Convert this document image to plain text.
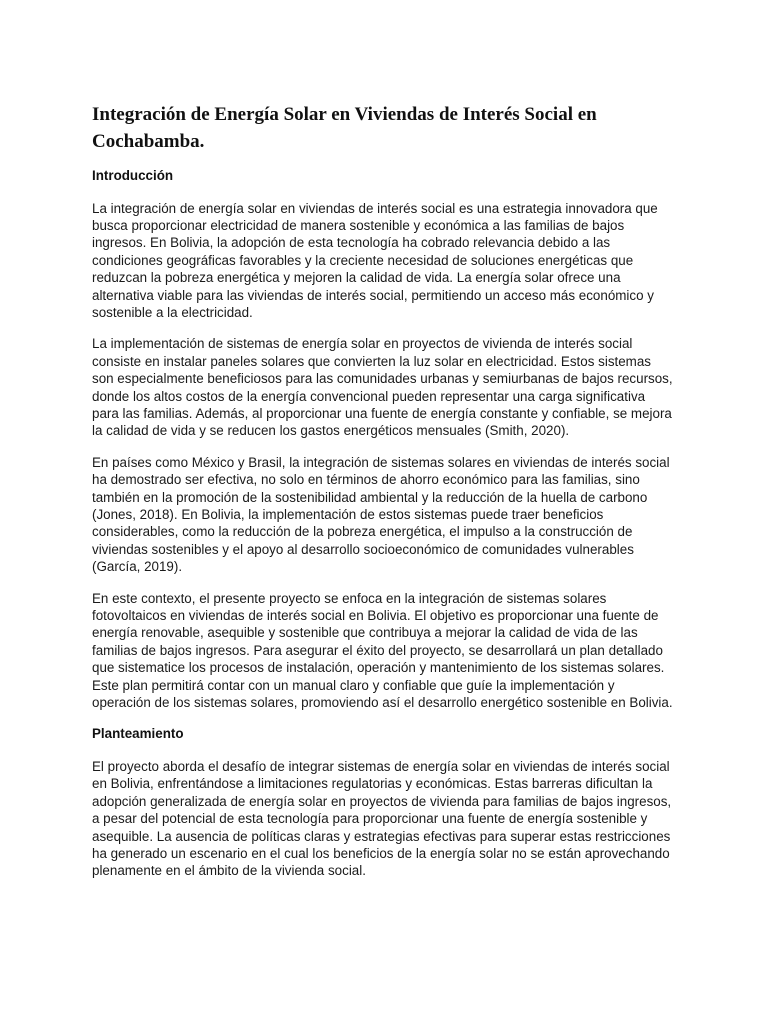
Integración de Energía Solar en Viviendas de Interés Social en Cochabamba.
Introducción

La integración de energía solar en viviendas de interés social es una estrategia innovadora que busca proporcionar electricidad de manera sostenible y económica a las familias de bajos ingresos. En Bolivia, la adopción de esta tecnología ha cobrado relevancia debido a las condiciones geográficas favorables y la creciente necesidad de soluciones energéticas que reduzcan la pobreza energética y mejoren la calidad de vida. La energía solar ofrece una alternativa viable para las viviendas de interés social, permitiendo un acceso más económico y sostenible a la electricidad.

La implementación de sistemas de energía solar en proyectos de vivienda de interés social consiste en instalar paneles solares que convierten la luz solar en electricidad. Estos sistemas son especialmente beneficiosos para las comunidades urbanas y semiurbanas de bajos recursos, donde los altos costos de la energía convencional pueden representar una carga significativa para las familias. Además, al proporcionar una fuente de energía constante y confiable, se mejora la calidad de vida y se reducen los gastos energéticos mensuales (Smith, 2020).

En países como México y Brasil, la integración de sistemas solares en viviendas de interés social ha demostrado ser efectiva, no solo en términos de ahorro económico para las familias, sino también en la promoción de la sostenibilidad ambiental y la reducción de la huella de carbono (Jones, 2018). En Bolivia, la implementación de estos sistemas puede traer beneficios considerables, como la reducción de la pobreza energética, el impulso a la construcción de viviendas sostenibles y el apoyo al desarrollo socioeconómico de comunidades vulnerables (García, 2019).

En este contexto, el presente proyecto se enfoca en la integración de sistemas solares fotovoltaicos en viviendas de interés social en Bolivia. El objetivo es proporcionar una fuente de energía renovable, asequible y sostenible que contribuya a mejorar la calidad de vida de las familias de bajos ingresos. Para asegurar el éxito del proyecto, se desarrollará un plan detallado que sistematice los procesos de instalación, operación y mantenimiento de los sistemas solares. Este plan permitirá contar con un manual claro y confiable que guíe la implementación y operación de los sistemas solares, promoviendo así el desarrollo energético sostenible en Bolivia.

Planteamiento

El proyecto aborda el desafío de integrar sistemas de energía solar en viviendas de interés social en Bolivia, enfrentándose a limitaciones regulatorias y económicas. Estas barreras dificultan la adopción generalizada de energía solar en proyectos de vivienda para familias de bajos ingresos, a pesar del potencial de esta tecnología para proporcionar una fuente de energía sostenible y asequible. La ausencia de políticas claras y estrategias efectivas para superar estas restricciones ha generado un escenario en el cual los beneficios de la energía solar no se están aprovechando plenamente en el ámbito de la vivienda social.
